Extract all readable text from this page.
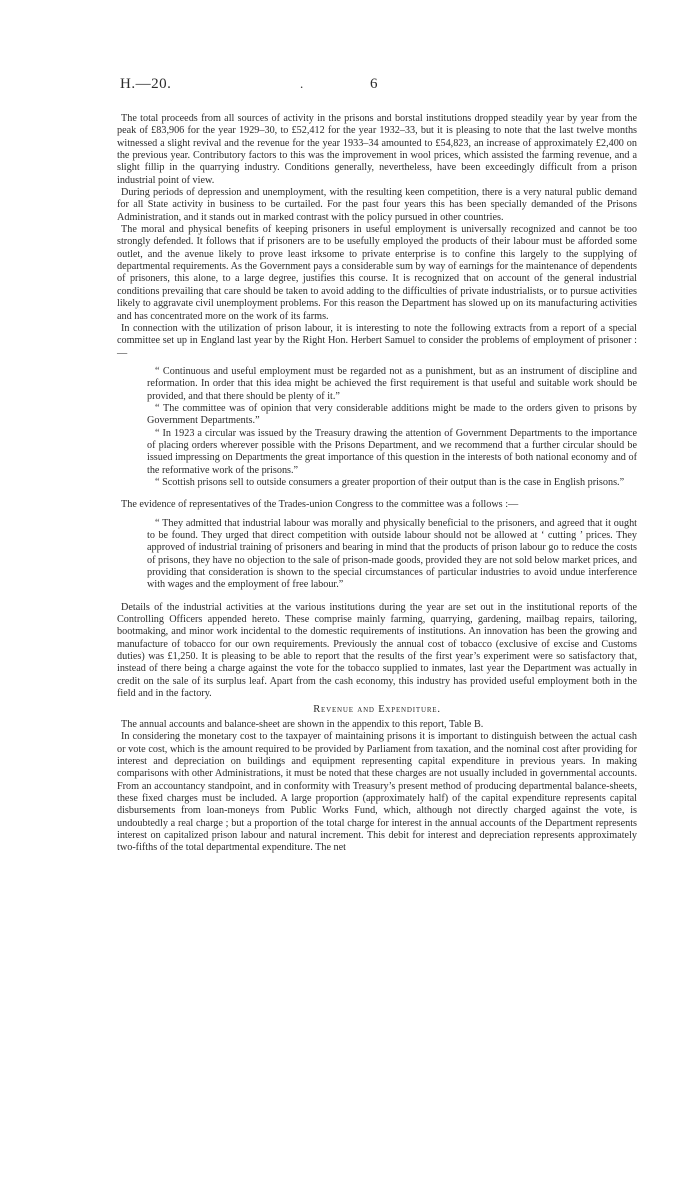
H.—20.	.	6

The total proceeds from all sources of activity in the prisons and borstal institutions dropped steadily year by year from the peak of £83,906 for the year 1929–30, to £52,412 for the year 1932–33, but it is pleasing to note that the last twelve months witnessed a slight revival and the revenue for the year 1933–34 amounted to £54,823, an increase of approximately £2,400 on the previous year. Contributory factors to this was the improvement in wool prices, which assisted the farming revenue, and a slight fillip in the quarrying industry. Conditions generally, nevertheless, have been exceedingly difficult from a prison industrial point of view.

During periods of depression and unemployment, with the resulting keen competition, there is a very natural public demand for all State activity in business to be curtailed. For the past four years this has been specially demanded of the Prisons Administration, and it stands out in marked contrast with the policy pursued in other countries.

The moral and physical benefits of keeping prisoners in useful employment is universally recognized and cannot be too strongly defended. It follows that if prisoners are to be usefully employed the products of their labour must be afforded some outlet, and the avenue likely to prove least irksome to private enterprise is to confine this largely to the supplying of departmental requirements. As the Government pays a considerable sum by way of earnings for the maintenance of dependents of prisoners, this alone, to a large degree, justifies this course. It is recognized that on account of the general industrial conditions prevailing that care should be taken to avoid adding to the difficulties of private industrialists, or to pursue activities likely to aggravate civil unemployment problems. For this reason the Department has slowed up on its manufacturing activities and has concentrated more on the work of its farms.

In connection with the utilization of prison labour, it is interesting to note the following extracts from a report of a special committee set up in England last year by the Right Hon. Herbert Samuel to consider the problems of employment of prisoner :—

“ Continuous and useful employment must be regarded not as a punishment, but as an instrument of discipline and reformation. In order that this idea might be achieved the first requirement is that useful and suitable work should be provided, and that there should be plenty of it.”

“ The committee was of opinion that very considerable additions might be made to the orders given to prisons by Government Departments.”

“ In 1923 a circular was issued by the Treasury drawing the attention of Government Departments to the importance of placing orders wherever possible with the Prisons Department, and we recommend that a further circular should be issued impressing on Departments the great importance of this question in the interests of both national economy and of the reformative work of the prisons.”

“ Scottish prisons sell to outside consumers a greater proportion of their output than is the case in English prisons.”

The evidence of representatives of the Trades-union Congress to the committee was a follows :—

“ They admitted that industrial labour was morally and physically beneficial to the prisoners, and agreed that it ought to be found. They urged that direct competition with outside labour should not be allowed at ‘ cutting ’ prices. They approved of industrial training of prisoners and bearing in mind that the products of prison labour go to reduce the costs of prisons, they have no objection to the sale of prison-made goods, provided they are not sold below market prices, and providing that consideration is shown to the special circumstances of particular industries to avoid undue interference with wages and the employment of free labour.”

Details of the industrial activities at the various institutions during the year are set out in the institutional reports of the Controlling Officers appended hereto. These comprise mainly farming, quarrying, gardening, mailbag repairs, tailoring, bootmaking, and minor work incidental to the domestic requirements of institutions. An innovation has been the growing and manufacture of tobacco for our own requirements. Previously the annual cost of tobacco (exclusive of excise and Customs duties) was £1,250. It is pleasing to be able to report that the results of the first year’s experiment were so satisfactory that, instead of there being a charge against the vote for the tobacco supplied to inmates, last year the Department was actually in credit on the sale of its surplus leaf. Apart from the cash economy, this industry has provided useful employment both in the field and in the factory.

Revenue and Expenditure.

The annual accounts and balance-sheet are shown in the appendix to this report, Table B.

In considering the monetary cost to the taxpayer of maintaining prisons it is important to distinguish between the actual cash or vote cost, which is the amount required to be provided by Parliament from taxation, and the nominal cost after providing for interest and depreciation on buildings and equipment representing capital expenditure in previous years. In making comparisons with other Administrations, it must be noted that these charges are not usually included in governmental accounts. From an accountancy standpoint, and in conformity with Treasury’s present method of producing departmental balance-sheets, these fixed charges must be included. A large proportion (approximately half) of the capital expenditure represents capital disbursements from loan-moneys from Public Works Fund, which, although not directly charged against the vote, is undoubtedly a real charge ; but a proportion of the total charge for interest in the annual accounts of the Department represents interest on capitalized prison labour and natural increment. This debit for interest and depreciation represents approximately two-fifths of the total departmental expenditure. The net
